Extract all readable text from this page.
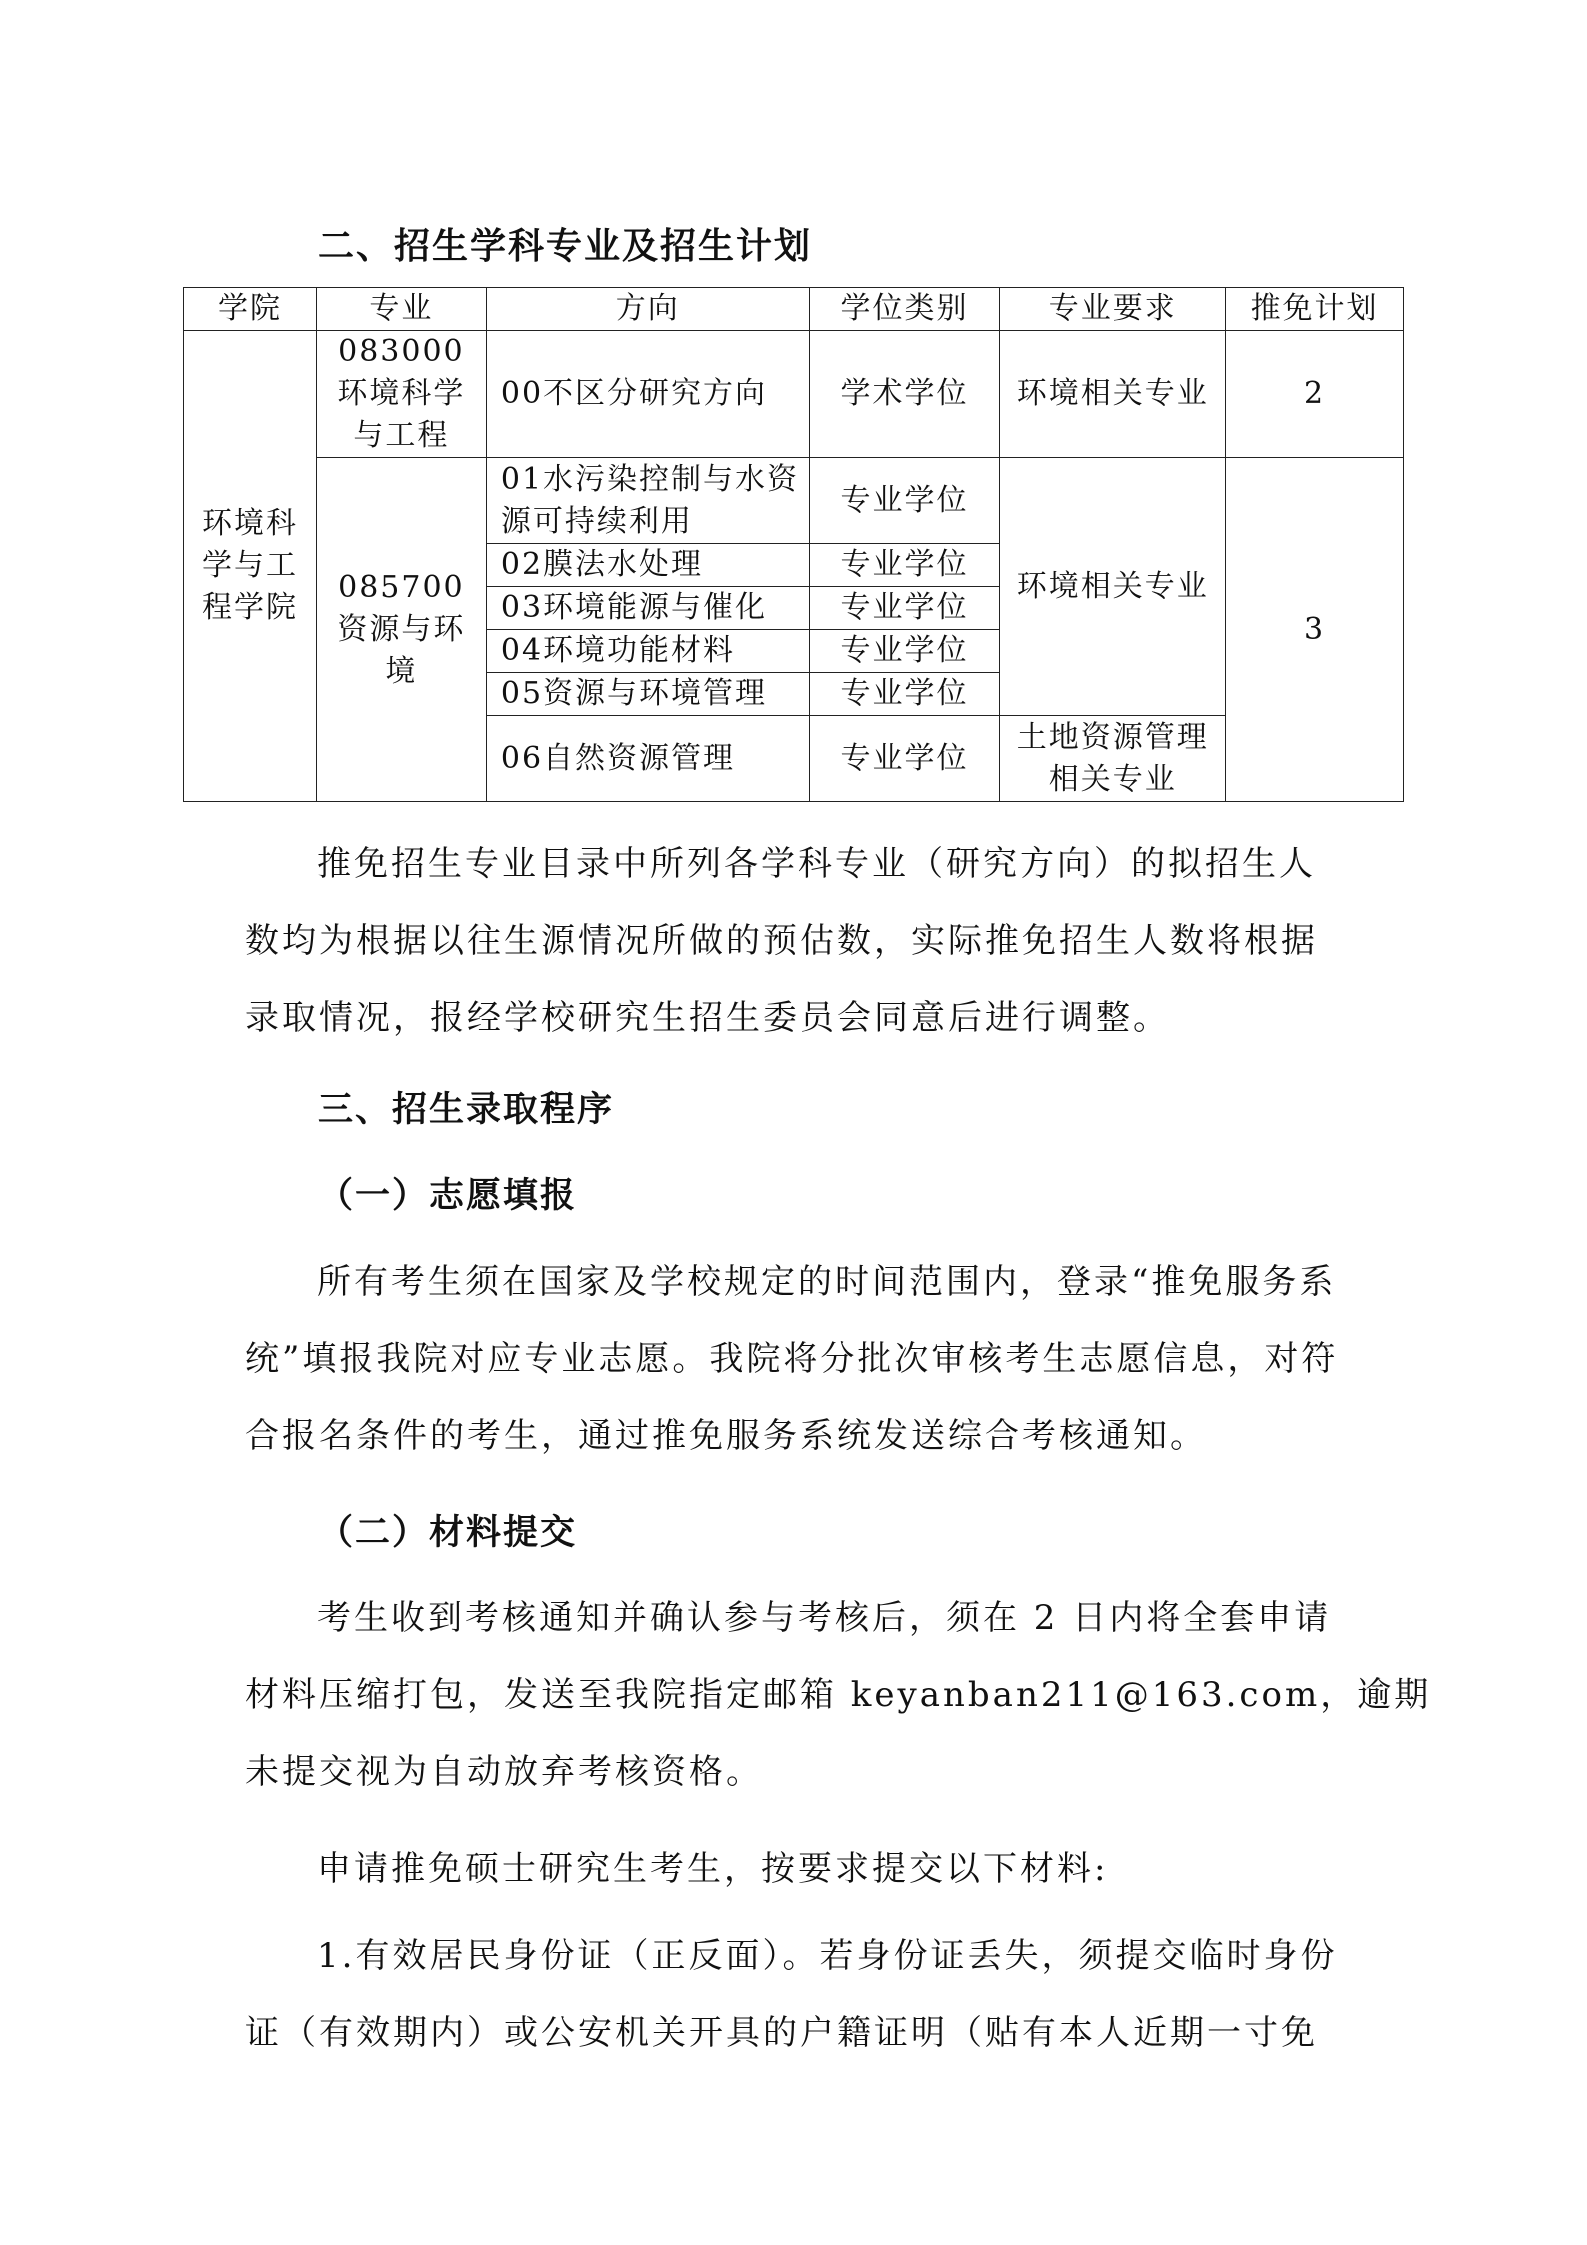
二、招生学科专业及招生计划
学院	专业	方向	学位类别	专业要求	推免计划
环境科学与工程学院	083000环境科学与工程	00不区分研究方向	学术学位	环境相关专业	2
	085700资源与环境	01水污染控制与水资源可持续利用	专业学位	环境相关专业	3
		02膜法水处理	专业学位		
		03环境能源与催化	专业学位		
		04环境功能材料	专业学位		
		05资源与环境管理	专业学位		
		06自然资源管理	专业学位	土地资源管理相关专业	

推免招生专业目录中所列各学科专业（研究方向）的拟招生人
数均为根据以往生源情况所做的预估数，实际推免招生人数将根据
录取情况，报经学校研究生招生委员会同意后进行调整。

三、招生录取程序
（一）志愿填报

所有考生须在国家及学校规定的时间范围内，登录“推免服务系
统”填报我院对应专业志愿。我院将分批次审核考生志愿信息，对符
合报名条件的考生，通过推免服务系统发送综合考核通知。

（二）材料提交

考生收到考核通知并确认参与考核后，须在 2 日内将全套申请
材料压缩打包，发送至我院指定邮箱 keyanban211@163.com，逾期
未提交视为自动放弃考核资格。

申请推免硕士研究生考生，按要求提交以下材料:

1.有效居民身份证（正反面）。若身份证丢失，须提交临时身份
证（有效期内）或公安机关开具的户籍证明（贴有本人近期一寸免
